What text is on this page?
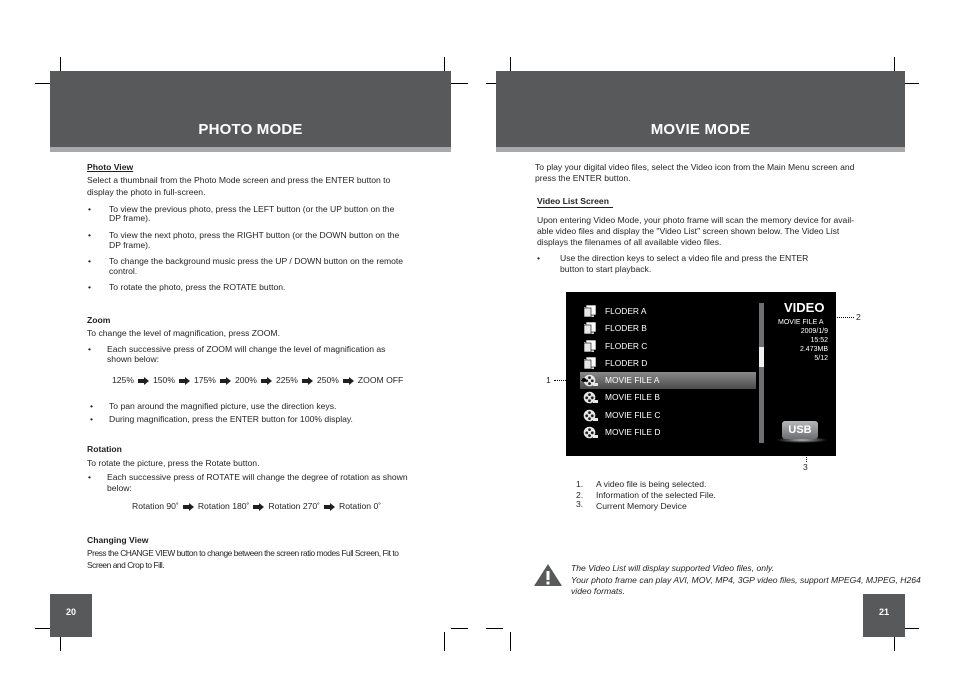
PHOTO MODE
Photo View
Select a thumbnail from the Photo Mode screen and press the ENTER button to
display the photo in full-screen.
• To view the previous photo, press the LEFT button (or the UP button on the
DP frame).
• To view the next photo, press the RIGHT button (or the DOWN button on the
DP frame).
• To change the background music press the UP / DOWN button on the remote
control.
• To rotate the photo, press the ROTATE button.
Zoom
To change the level of magnification, press ZOOM.
• Each successive press of ZOOM will change the level of magnification as
shown below:
125% 150% 175% 200% 225% 250% ZOOM OFF
• To pan around the magnified picture, use the direction keys.
• During magnification, press the ENTER button for 100% display.
Rotation
To rotate the picture, press the Rotate button.
• Each successive press of ROTATE will change the degree of rotation as shown
below:
Rotation 90˚ Rotation 180˚ Rotation 270˚ Rotation 0˚
Changing View
Press the CHANGE VIEW button to change between the screen ratio modes Full Screen, Fit to
Screen and Crop to Fill.
20
MOVIE MODE
To play your digital video files, select the Video icon from the Main Menu screen and
press the ENTER button.
Video List Screen
Upon entering Video Mode, your photo frame will scan the memory device for avail-
able video files and display the "Video List" screen shown below. The Video List
displays the filenames of all available video files.
• Use the direction keys to select a video file and press the ENTER
button to start playback.
FLODER A
FLODER B
FLODER C
FLODER D
MOVIE FILE A
MOVIE FILE B
MOVIE FILE C
MOVIE FILE D
VIDEO
MOVIE FILE A
2009/1/9
15:52
2.473MB
5/12
USB
1
2
3
1. A video file is being selected.
2. Information of the selected File.
3. Current Memory Device
The Video List will display supported Video files, only.
Your photo frame can play AVI, MOV, MP4, 3GP video files, support MPEG4, MJPEG, H264
video formats.
21
